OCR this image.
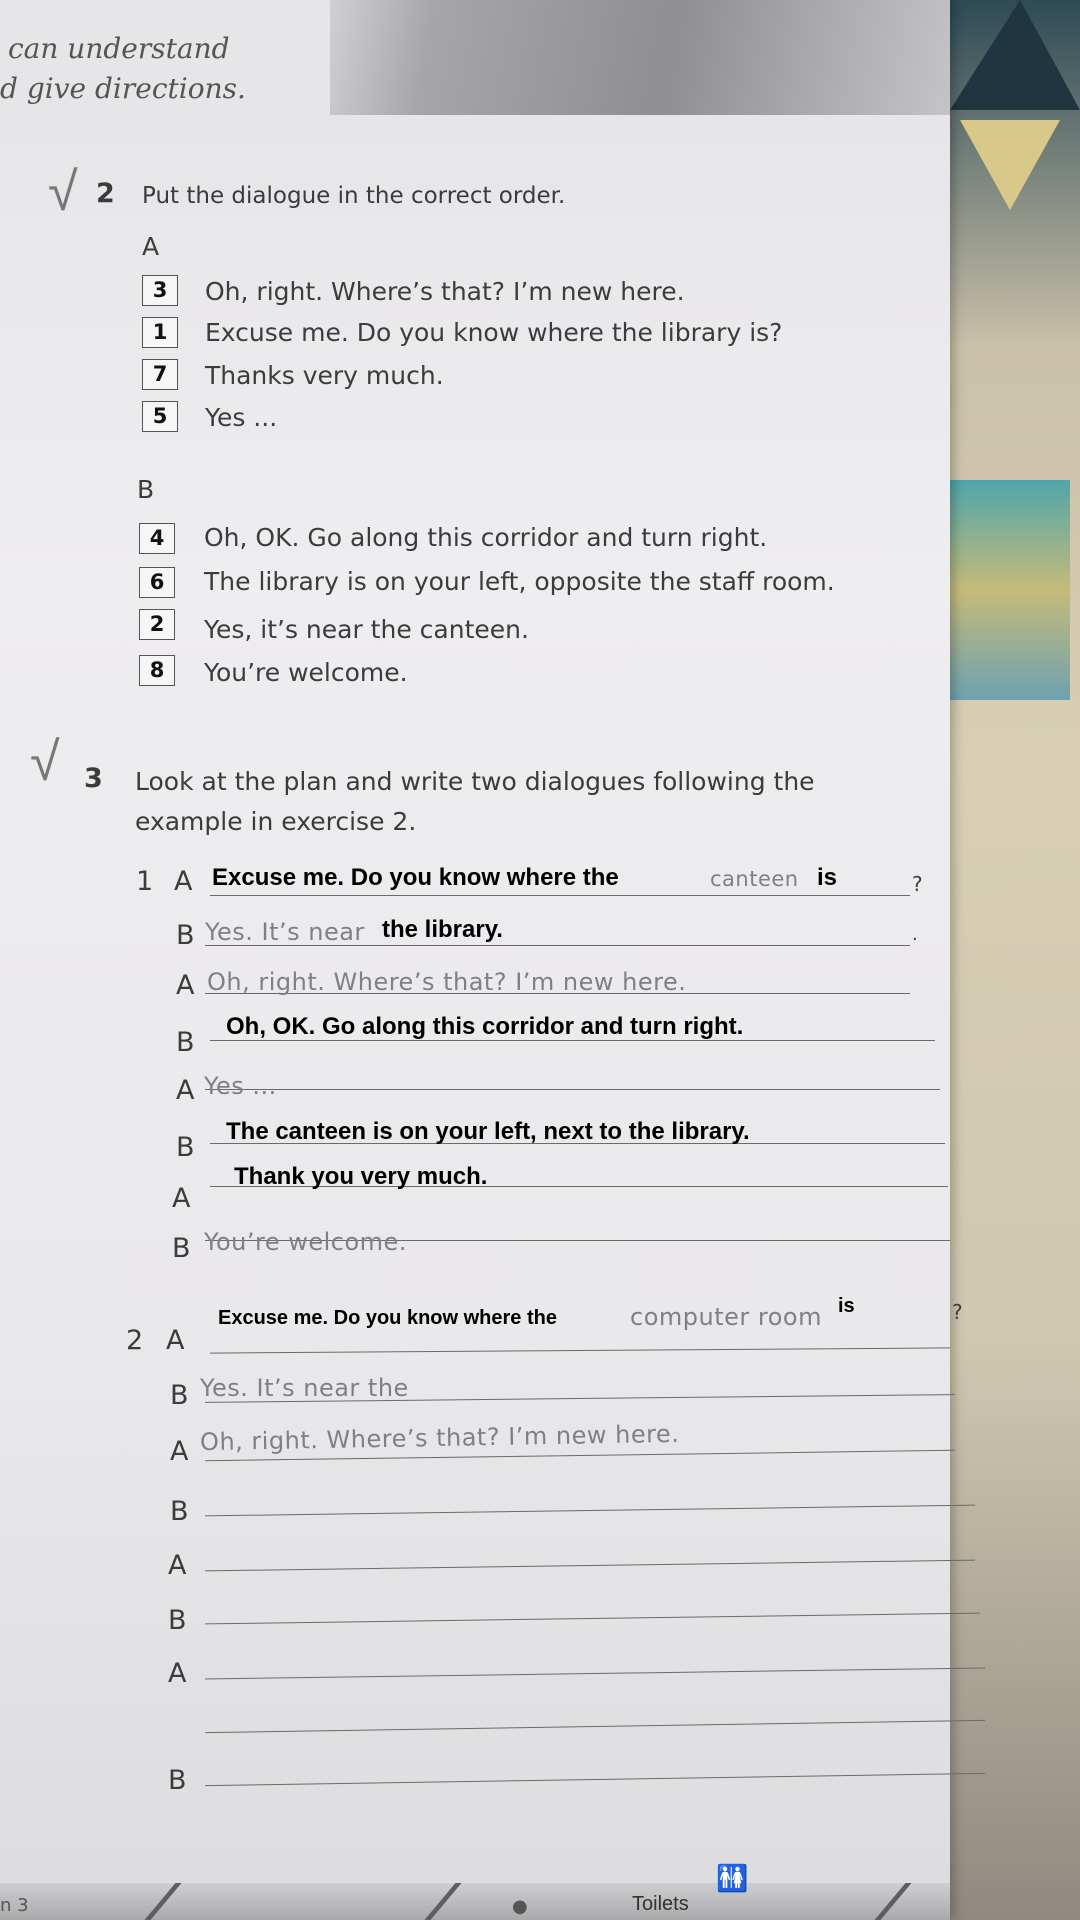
can understand
d give directions.
√ 2 Put the dialogue in the correct order.
A
3	Oh, right. Where’s that? I’m new here.
1	Excuse me. Do you know where the library is?
7	Thanks very much.
5	Yes ...
B
4	Oh, OK. Go along this corridor and turn right.
6	The library is on your left, opposite the staff room.
2	Yes, it’s near the canteen.
8	You’re welcome.
√ 3 Look at the plan and write two dialogues following the
example in exercise 2.
1 A Excuse me. Do you know where the	canteen is	?
B Yes. It’s near the library.	.
A Oh, right. Where’s that? I’m new here.
B
Oh, OK. Go along this corridor and turn right.
A Yes ...
B
The canteen is on your left, next to the library.
A
Thank you very much.
B You’re welcome.
2 A
Excuse me. Do you know where the	computer room is	?
B Yes. It’s near the
A Oh, right. Where’s that? I’m new here.
B
A
B
A
B
n 3	●	Toilets
🚻
